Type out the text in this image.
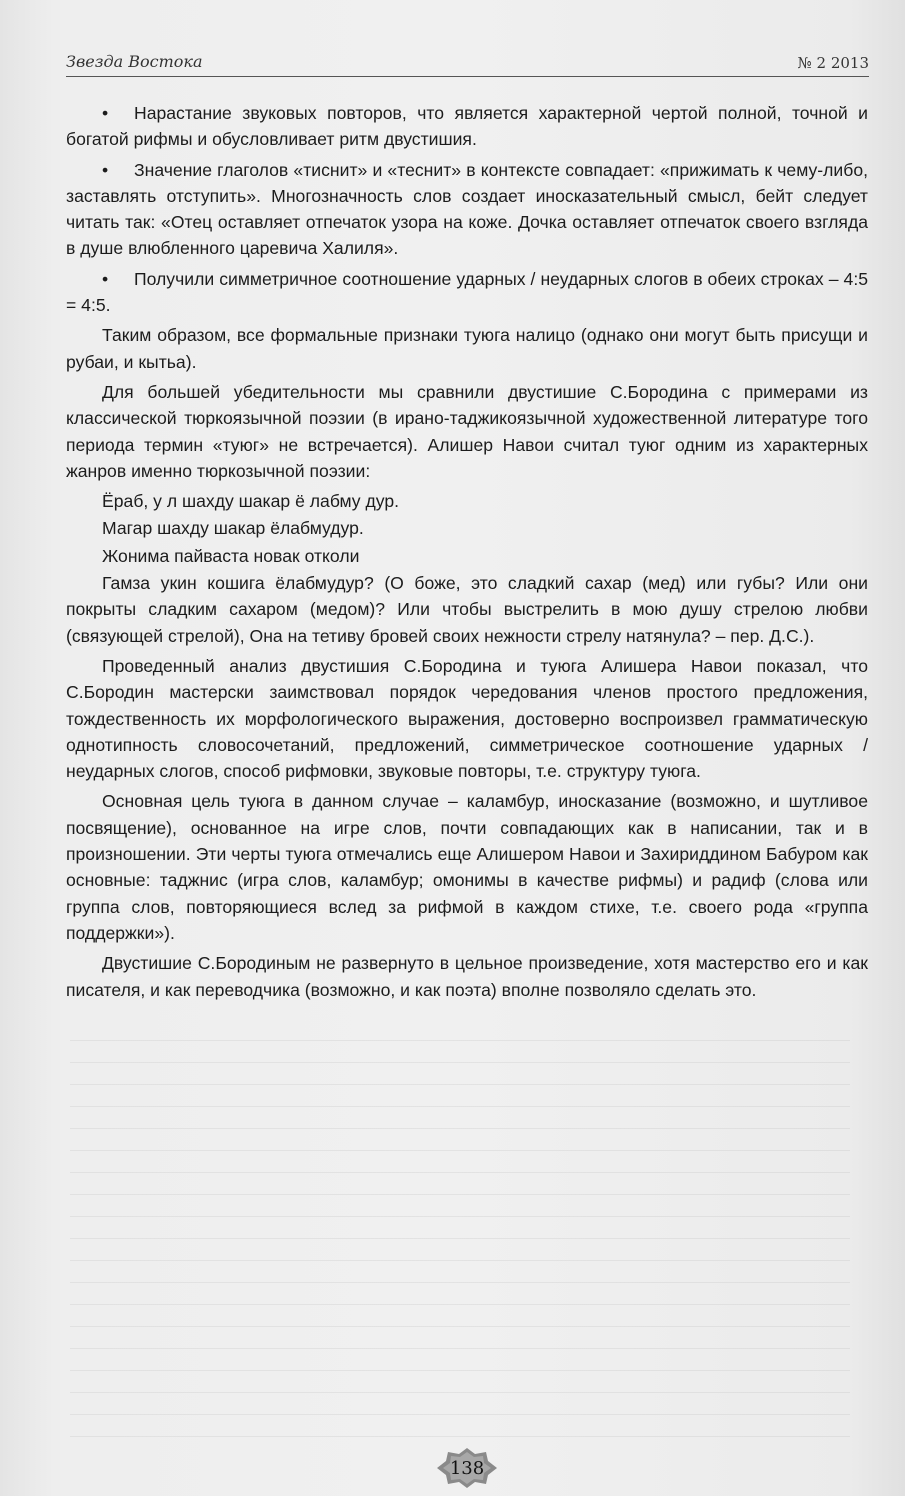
Звезда Востока	№ 2 2013

• Нарастание звуковых повторов, что является характерной чертой полной, точной и богатой рифмы и обусловливает ритм двустишия.

• Значение глаголов «тиснит» и «теснит» в контексте совпадает: «прижимать к чему-либо, заставлять отступить». Многозначность слов создает иносказательный смысл, бейт следует читать так: «Отец оставляет отпечаток узора на коже. Дочка оставляет отпечаток своего взгляда в душе влюбленного царевича Халиля».

• Получили симметричное соотношение ударных / неударных слогов в обеих строках – 4:5 = 4:5.

Таким образом, все формальные признаки туюга налицо (однако они могут быть присущи и рубаи, и кытьа).

Для большей убедительности мы сравнили двустишие С.Бородина с примерами из классической тюркоязычной поэзии (в ирано-таджикоязычной художественной литературе того периода термин «туюг» не встречается). Алишер Навои считал туюг одним из характерных жанров именно тюркозычной поэзии:

Ёраб, у л шахду шакар ё лабму дур.

Магар шахду шакар ёлабмудур.

Жонима пайваста новак отколи

Гамза укин кошига ёлабмудур? (О боже, это сладкий сахар (мед) или губы? Или они покрыты сладким сахаром (медом)? Или чтобы выстрелить в мою душу стрелою любви (связующей стрелой), Она на тетиву бровей своих нежности стрелу натянула? – пер. Д.С.).

Проведенный анализ двустишия С.Бородина и туюга Алишера Навои показал, что С.Бородин мастерски заимствовал порядок чередования членов простого предложения, тождественность их морфологического выражения, достоверно воспроизвел грамматическую однотипность словосочетаний, предложений, симметрическое соотношение ударных / неударных слогов, способ рифмовки, звуковые повторы, т.е. структуру туюга.

Основная цель туюга в данном случае – каламбур, иносказание (возможно, и шутливое посвящение), основанное на игре слов, почти совпадающих как в написании, так и в произношении. Эти черты туюга отмечались еще Алишером Навои и Захириддином Бабуром как основные: таджнис (игра слов, каламбур; омонимы в качестве рифмы) и радиф (слова или группа слов, повторяющиеся вслед за рифмой в каждом стихе, т.е. своего рода «группа поддержки»).

Двустишие С.Бородиным не развернуто в цельное произведение, хотя мастерство его и как писателя, и как переводчика (возможно, и как поэта) вполне позволяло сделать это.

138
